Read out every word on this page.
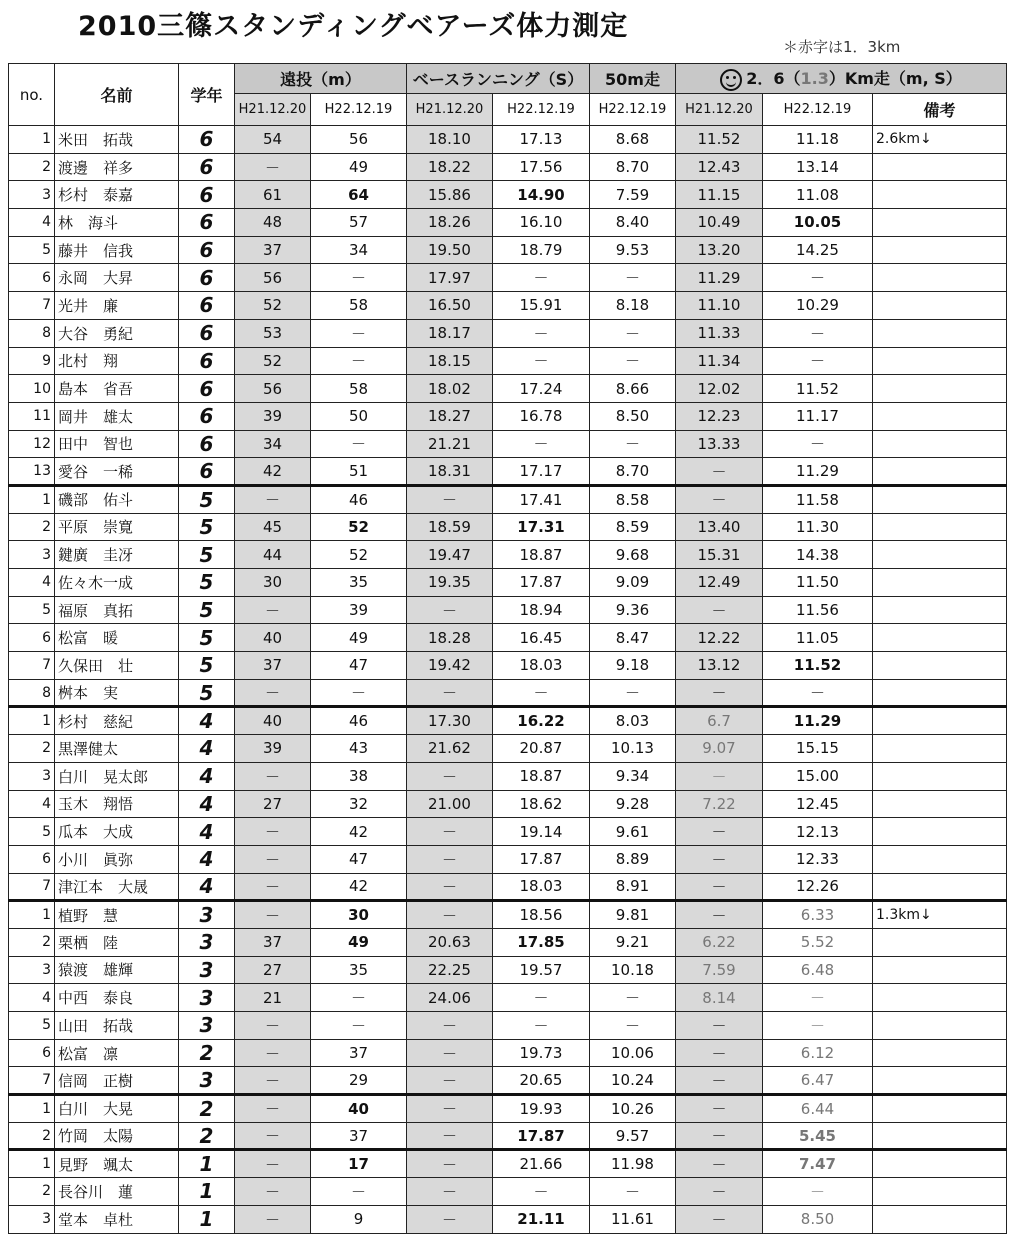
2010三篠スタンディングベアーズ体力測定
＊赤字は1．3km
no.	名前	学年	遠投（m）		ベースランニング（S）		50m走	2．6（1.3）Km走（m, S）		
			H21.12.20	H22.12.19	H21.12.20	H22.12.19	H22.12.19	H21.12.20	H22.12.19	備考
1	米田　拓哉	6	54	56	18.10	17.13	8.68	11.52	11.18	2.6km↓
2	渡邊　祥多	6	－	49	18.22	17.56	8.70	12.43	13.14	
3	杉村　泰嘉	6	61	64	15.86	14.90	7.59	11.15	11.08	
4	林　海斗	6	48	57	18.26	16.10	8.40	10.49	10.05	
5	藤井　信我	6	37	34	19.50	18.79	9.53	13.20	14.25	
6	永岡　大昇	6	56	－	17.97	－	－	11.29	－	
7	光井　廉	6	52	58	16.50	15.91	8.18	11.10	10.29	
8	大谷　勇紀	6	53	－	18.17	－	－	11.33	－	
9	北村　翔	6	52	－	18.15	－	－	11.34	－	
10	島本　省吾	6	56	58	18.02	17.24	8.66	12.02	11.52	
11	岡井　雄太	6	39	50	18.27	16.78	8.50	12.23	11.17	
12	田中　智也	6	34	－	21.21	－	－	13.33	－	
13	愛谷　一稀	6	42	51	18.31	17.17	8.70	－	11.29	
1	磯部　佑斗	5	－	46	－	17.41	8.58	－	11.58	
2	平原　崇寛	5	45	52	18.59	17.31	8.59	13.40	11.30	
3	鍵廣　圭冴	5	44	52	19.47	18.87	9.68	15.31	14.38	
4	佐々木一成	5	30	35	19.35	17.87	9.09	12.49	11.50	
5	福原　真拓	5	－	39	－	18.94	9.36	－	11.56	
6	松富　暖	5	40	49	18.28	16.45	8.47	12.22	11.05	
7	久保田　壮	5	37	47	19.42	18.03	9.18	13.12	11.52	
8	桝本　実	5	－	－	－	－	－	－	－	
1	杉村　慈紀	4	40	46	17.30	16.22	8.03	6.7	11.29	
2	黒澤健太	4	39	43	21.62	20.87	10.13	9.07	15.15	
3	白川　晃太郎	4	－	38	－	18.87	9.34	－	15.00	
4	玉木　翔悟	4	27	32	21.00	18.62	9.28	7.22	12.45	
5	瓜本　大成	4	－	42	－	19.14	9.61	－	12.13	
6	小川　眞弥	4	－	47	－	17.87	8.89	－	12.33	
7	津江本　大晟	4	－	42	－	18.03	8.91	－	12.26	
1	植野　慧	3	－	30	－	18.56	9.81	－	6.33	1.3km↓
2	栗栖　陸	3	37	49	20.63	17.85	9.21	6.22	5.52	
3	猿渡　雄輝	3	27	35	22.25	19.57	10.18	7.59	6.48	
4	中西　泰良	3	21	－	24.06	－	－	8.14	－	
5	山田　拓哉	3	－	－	－	－	－	－	－	
6	松富　凛	2	－	37	－	19.73	10.06	－	6.12	
7	信岡　正樹	3	－	29	－	20.65	10.24	－	6.47	
1	白川　大晃	2	－	40	－	19.93	10.26	－	6.44	
2	竹岡　太陽	2	－	37	－	17.87	9.57	－	5.45	
1	見野　颯太	1	－	17	－	21.66	11.98	－	7.47	
2	長谷川　蓮	1	－	－	－	－	－	－	－	
3	堂本　卓杜	1	－	9	－	21.11	11.61	－	8.50	
